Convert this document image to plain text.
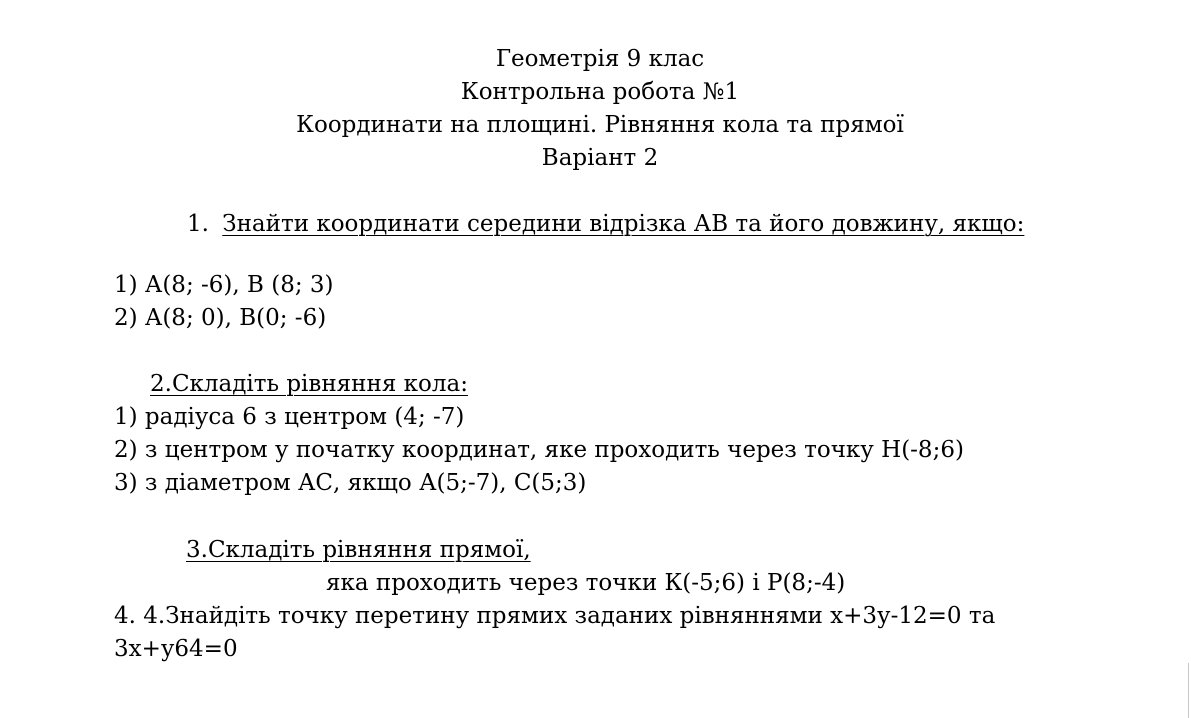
Геометрія 9 клас
Контрольна робота №1
Координати на площині. Рівняння кола та прямої
Варіант 2
1. Знайти координати середини відрізка АВ та його довжину, якщо:
1) А(8; -6), В (8; 3)
2) А(8; 0), В(0; -6)
2.Складіть рівняння кола:
1) радіуса 6 з центром (4; -7)
2) з центром у початку координат, яке проходить через точку Н(-8;6)
3) з діаметром АС, якщо А(5;-7), С(5;3)
3.Складіть рівняння прямої,
яка проходить через точки К(-5;6) і Р(8;-4)
4. 4.Знайдіть точку перетину прямих заданих рівняннями х+3у-12=0 та
3х+у64=0
